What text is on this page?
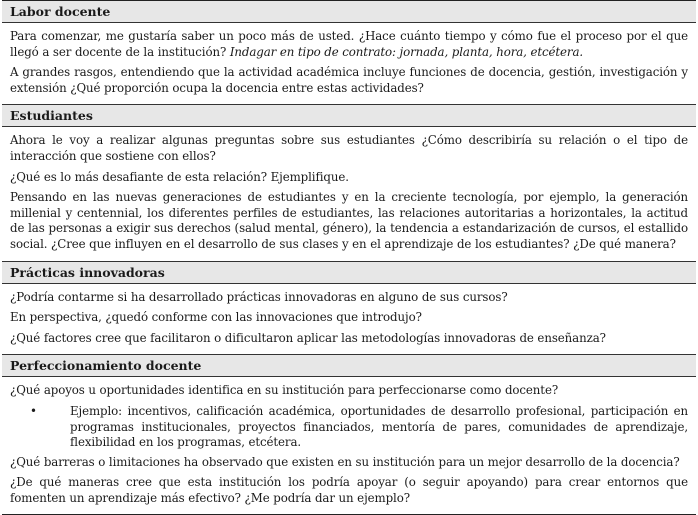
Labor docente

Para comenzar, me gustaría saber un poco más de usted. ¿Hace cuánto tiempo y cómo fue el proceso por el que llegó a ser docente de la institución? Indagar en tipo de contrato: jornada, planta, hora, etcétera.

A grandes rasgos, entendiendo que la actividad académica incluye funciones de docencia, gestión, investigación y extensión ¿Qué proporción ocupa la docencia entre estas actividades?

Estudiantes

Ahora le voy a realizar algunas preguntas sobre sus estudiantes ¿Cómo describiría su relación o el tipo de interacción que sostiene con ellos?

¿Qué es lo más desafiante de esta relación? Ejemplifique.

Pensando en las nuevas generaciones de estudiantes y en la creciente tecnología, por ejemplo, la generación millenial y centennial, los diferentes perfiles de estudiantes, las relaciones autoritarias a horizontales, la actitud de las personas a exigir sus derechos (salud mental, género), la tendencia a estandarización de cursos, el estallido social. ¿Cree que influyen en el desarrollo de sus clases y en el aprendizaje de los estudiantes? ¿De qué manera?

Prácticas innovadoras

¿Podría contarme si ha desarrollado prácticas innovadoras en alguno de sus cursos?

En perspectiva, ¿quedó conforme con las innovaciones que introdujo?

¿Qué factores cree que facilitaron o dificultaron aplicar las metodologías innovadoras de enseñanza?

Perfeccionamiento docente

¿Qué apoyos u oportunidades identifica en su institución para perfeccionarse como docente?

•	Ejemplo: incentivos, calificación académica, oportunidades de desarrollo profesional, participación en programas institucionales, proyectos financiados, mentoría de pares, comunidades de aprendizaje, flexibilidad en los programas, etcétera.

¿Qué barreras o limitaciones ha observado que existen en su institución para un mejor desarrollo de la docencia?

¿De qué maneras cree que esta institución los podría apoyar (o seguir apoyando) para crear entornos que fomenten un aprendizaje más efectivo? ¿Me podría dar un ejemplo?
